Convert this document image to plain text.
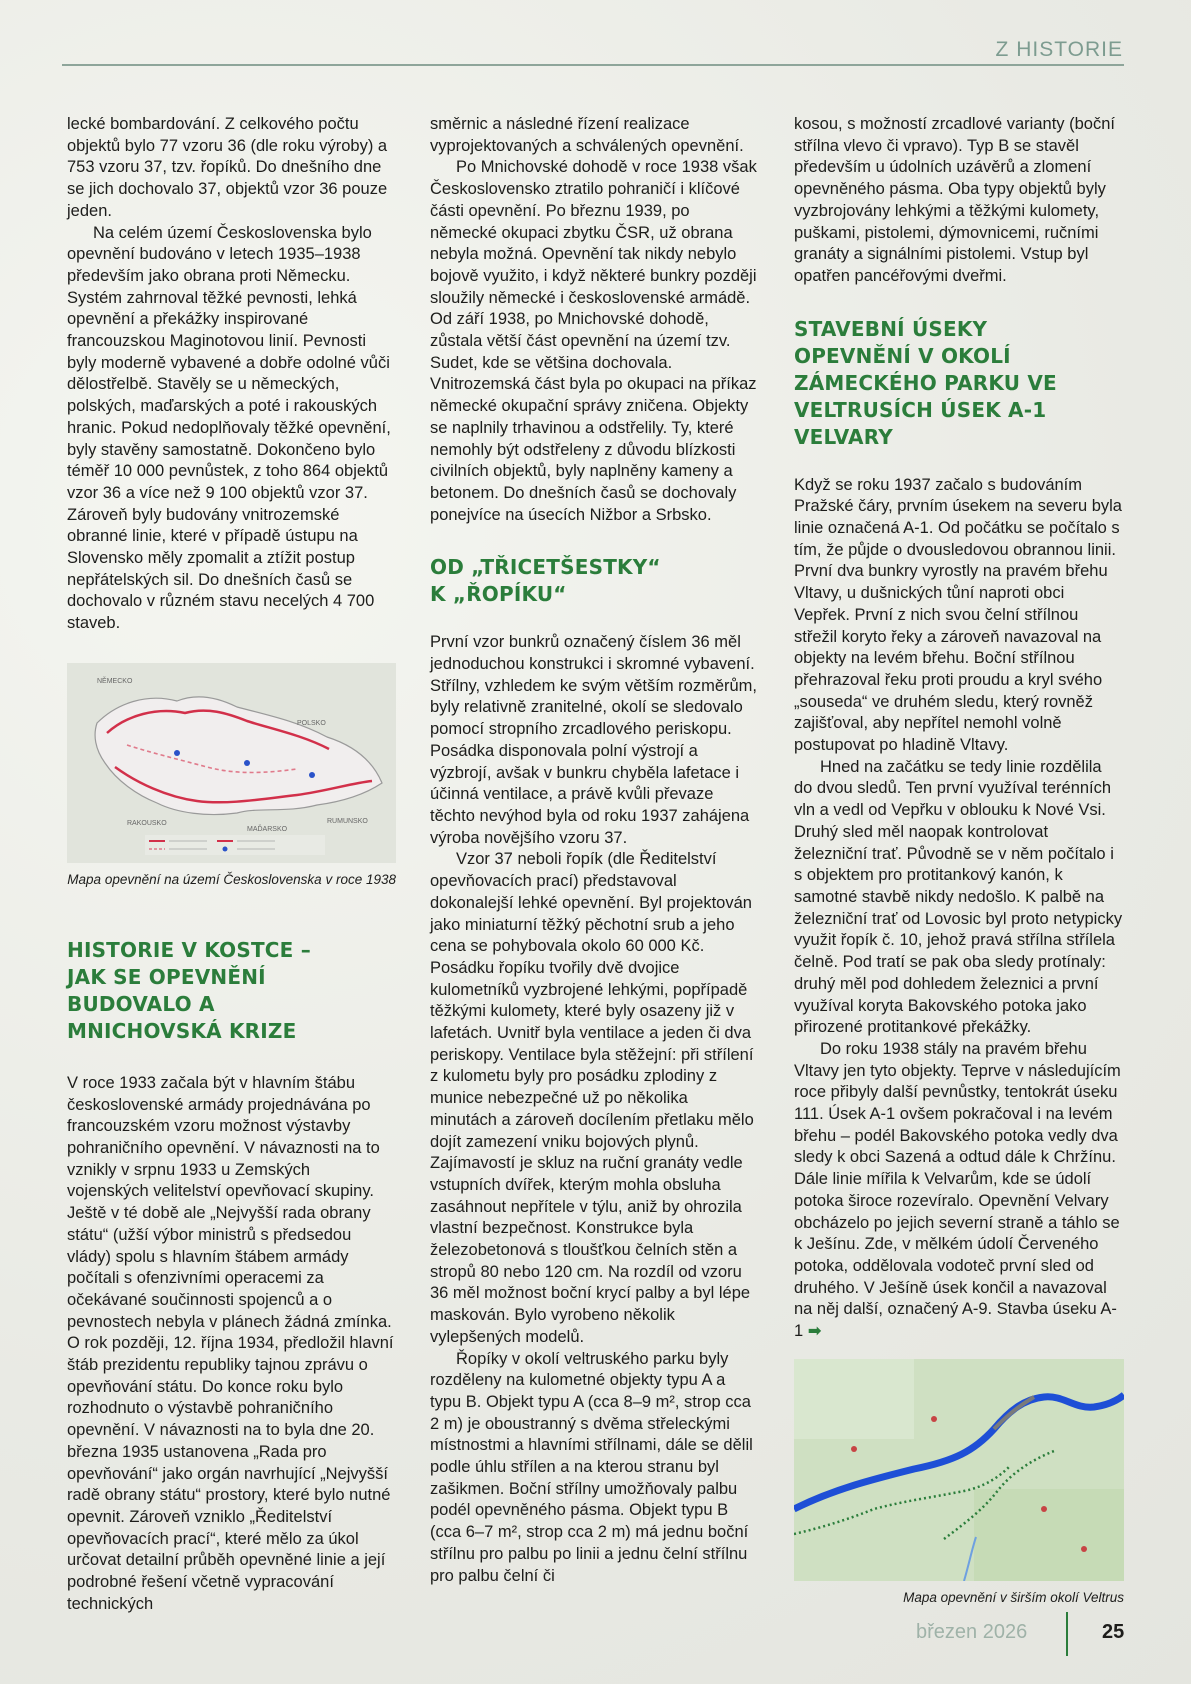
Z HISTORIE

lecké bombardování. Z celkového počtu objektů bylo 77 vzoru 36 (dle roku výroby) a 753 vzoru 37, tzv. řopíků. Do dnešního dne se jich dochovalo 37, objektů vzor 36 pouze jeden.

Na celém území Československa bylo opevnění budováno v letech 1935–1938 především jako obrana proti Německu. Systém zahrnoval těžké pevnosti, lehká opevnění a překážky inspirované francouzskou Maginotovou linií. Pevnosti byly moderně vybavené a dobře odolné vůči dělostřelbě. Stavěly se u německých, polských, maďarských a poté i rakouských hranic. Pokud nedoplňovaly těžké opevnění, byly stavěny samostatně. Dokončeno bylo téměř 10 000 pevnůstek, z toho 864 objektů vzor 36 a více než 9 100 objektů vzor 37. Zároveň byly budovány vnitrozemské obranné linie, které v případě ústupu na Slovensko měly zpomalit a ztížit postup nepřátelských sil. Do dnešních časů se dochovalo v různém stavu necelých 4 700 staveb.

NĚMECKO
POLSKO
RAKOUSKO
MAĎARSKO
RUMUNSKO
Mapa opevnění na území Československa v roce 1938
HISTORIE V KOSTCE – JAK SE OPEVNĚNÍ BUDOVALO A MNICHOVSKÁ KRIZE

V roce 1933 začala být v hlavním štábu československé armády projednávána po francouzském vzoru možnost výstavby pohraničního opevnění. V návaznosti na to vznikly v srpnu 1933 u Zemských vojenských velitelství opevňovací skupiny. Ještě v té době ale „Nejvyšší rada obrany státu“ (užší výbor ministrů s předsedou vlády) spolu s hlavním štábem armády počítali s ofenzivními operacemi za očekávané součinnosti spojenců a o pevnostech nebyla v plánech žádná zmínka. O rok později, 12. října 1934, předložil hlavní štáb prezidentu republiky tajnou zprávu o opevňování státu. Do konce roku bylo rozhodnuto o výstavbě pohraničního opevnění. V návaznosti na to byla dne 20. března 1935 ustanovena „Rada pro opevňování“ jako orgán navrhující „Nejvyšší radě obrany státu“ prostory, které bylo nutné opevnit. Zároveň vzniklo „Ředitelství opevňovacích prací“, které mělo za úkol určovat detailní průběh opevněné linie a její podrobné řešení včetně vypracování technických

směrnic a následné řízení realizace vyprojektovaných a schválených opevnění.

Po Mnichovské dohodě v roce 1938 však Československo ztratilo pohraničí i klíčové části opevnění. Po březnu 1939, po německé okupaci zbytku ČSR, už obrana nebyla možná. Opevnění tak nikdy nebylo bojově využito, i když některé bunkry později sloužily německé i československé armádě. Od září 1938, po Mnichovské dohodě, zůstala větší část opevnění na území tzv. Sudet, kde se většina dochovala. Vnitrozemská část byla po okupaci na příkaz německé okupační správy zničena. Objekty se naplnily trhavinou a odstřelily. Ty, které nemohly být odstřeleny z důvodu blízkosti civilních objektů, byly naplněny kameny a betonem. Do dnešních časů se dochovaly ponejvíce na úsecích Nižbor a Srbsko.

OD „TŘICETŠESTKY“ K „ŘOPÍKU“

První vzor bunkrů označený číslem 36 měl jednoduchou konstrukci i skromné vybavení. Střílny, vzhledem ke svým větším rozměrům, byly relativně zranitelné, okolí se sledovalo pomocí stropního zrcadlového periskopu. Posádka disponovala polní výstrojí a výzbrojí, avšak v bunkru chyběla lafetace i účinná ventilace, a právě kvůli převaze těchto nevýhod byla od roku 1937 zahájena výroba novějšího vzoru 37.

Vzor 37 neboli řopík (dle Ředitelství opevňovacích prací) představoval dokonalejší lehké opevnění. Byl projektován jako miniaturní těžký pěchotní srub a jeho cena se pohybovala okolo 60 000 Kč. Posádku řopíku tvořily dvě dvojice kulometníků vyzbrojené lehkými, popřípadě těžkými kulomety, které byly osazeny již v lafetách. Uvnitř byla ventilace a jeden či dva periskopy. Ventilace byla stěžejní: při střílení z kulometu byly pro posádku zplodiny z munice nebezpečné už po několika minutách a zároveň docílením přetlaku mělo dojít zamezení vniku bojových plynů. Zajímavostí je skluz na ruční granáty vedle vstupních dvířek, kterým mohla obsluha zasáhnout nepřítele v týlu, aniž by ohrozila vlastní bezpečnost. Konstrukce byla železobetonová s tloušťkou čelních stěn a stropů 80 nebo 120 cm. Na rozdíl od vzoru 36 měl možnost boční krycí palby a byl lépe maskován. Bylo vyrobeno několik vylepšených modelů.

Řopíky v okolí veltruského parku byly rozděleny na kulometné objekty typu A a typu B. Objekt typu A (cca 8–9 m², strop cca 2 m) je oboustranný s dvěma střeleckými místnostmi a hlavními střílnami, dále se dělil podle úhlu střílen a na kterou stranu byl zašikmen. Boční střílny umožňovaly palbu podél opevněného pásma. Objekt typu B (cca 6–7 m², strop cca 2 m) má jednu boční střílnu pro palbu po linii a jednu čelní střílnu pro palbu čelní či

kosou, s možností zrcadlové varianty (boční střílna vlevo či vpravo). Typ B se stavěl především u údolních uzávěrů a zlomení opevněného pásma. Oba typy objektů byly vyzbrojovány lehkými a těžkými kulomety, puškami, pistolemi, dýmovnicemi, ručními granáty a signálními pistolemi. Vstup byl opatřen pancéřovými dveřmi.

STAVEBNÍ ÚSEKY OPEVNĚNÍ V OKOLÍ ZÁMECKÉHO PARKU VE VELTRUSÍCH ÚSEK A-1 VELVARY

Když se roku 1937 začalo s budováním Pražské čáry, prvním úsekem na severu byla linie označená A-1. Od počátku se počítalo s tím, že půjde o dvousledovou obrannou linii. První dva bunkry vyrostly na pravém břehu Vltavy, u dušnických tůní naproti obci Vepřek. První z nich svou čelní střílnou střežil koryto řeky a zároveň navazoval na objekty na levém břehu. Boční střílnou přehrazoval řeku proti proudu a kryl svého „souseda“ ve druhém sledu, který rovněž zajišťoval, aby nepřítel nemohl volně postupovat po hladině Vltavy.

Hned na začátku se tedy linie rozdělila do dvou sledů. Ten první využíval terénních vln a vedl od Vepřku v oblouku k Nové Vsi. Druhý sled měl naopak kontrolovat železniční trať. Původně se v něm počítalo i s objektem pro protitankový kanón, k samotné stavbě nikdy nedošlo. K palbě na železniční trať od Lovosic byl proto netypicky využit řopík č. 10, jehož pravá střílna střílela čelně. Pod tratí se pak oba sledy protínaly: druhý měl pod dohledem železnici a první využíval koryta Bakovského potoka jako přirozené protitankové překážky.

Do roku 1938 stály na pravém břehu Vltavy jen tyto objekty. Teprve v následujícím roce přibyly další pevnůstky, tentokrát úseku 111. Úsek A-1 ovšem pokračoval i na levém břehu – podél Bakovského potoka vedly dva sledy k obci Sazená a odtud dále k Chržínu. Dále linie mířila k Velvarům, kde se údolí potoka široce rozevíralo. Opevnění Velvary obcházelo po jejich severní straně a táhlo se k Ješínu. Zde, v mělkém údolí Červeného potoka, oddělovala vodoteč první sled od druhého. V Ješíně úsek končil a navazoval na něj další, označený A-9. Stavba úseku A-1 ➡

Mapa opevnění v širším okolí Veltrus
březen 2026	25
